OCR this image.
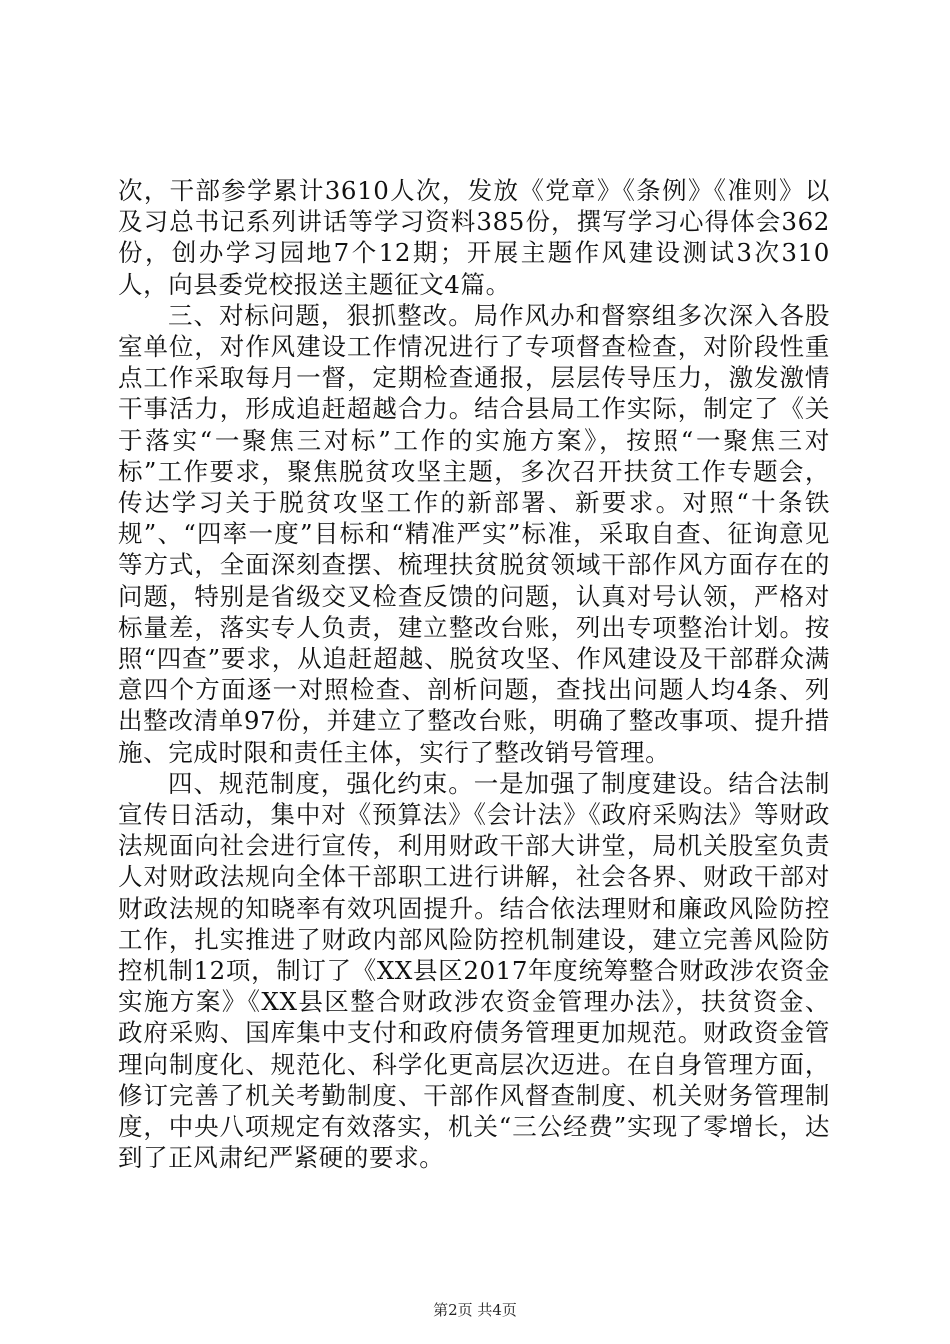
次，干部参学累计3610人次，发放《党章》《条例》《准则》以及习总书记系列讲话等学习资料385份，撰写学习心得体会362份，创办学习园地7个12期；开展主题作风建设测试3次310人，向县委党校报送主题征文4篇。

三、对标问题，狠抓整改。局作风办和督察组多次深入各股室单位，对作风建设工作情况进行了专项督查检查，对阶段性重点工作采取每月一督，定期检查通报，层层传导压力，激发激情干事活力，形成追赶超越合力。结合县局工作实际，制定了《关于落实“一聚焦三对标”工作的实施方案》，按照“一聚焦三对标”工作要求，聚焦脱贫攻坚主题，多次召开扶贫工作专题会，传达学习关于脱贫攻坚工作的新部署、新要求。对照“十条铁规”、“四率一度”目标和“精准严实”标准，采取自查、征询意见等方式，全面深刻查摆、梳理扶贫脱贫领域干部作风方面存在的问题，特别是省级交叉检查反馈的问题，认真对号认领，严格对标量差，落实专人负责，建立整改台账，列出专项整治计划。按照“四查”要求，从追赶超越、脱贫攻坚、作风建设及干部群众满意四个方面逐一对照检查、剖析问题，查找出问题人均4条、列出整改清单97份，并建立了整改台账，明确了整改事项、提升措施、完成时限和责任主体，实行了整改销号管理。

四、规范制度，强化约束。一是加强了制度建设。结合法制宣传日活动，集中对《预算法》《会计法》《政府采购法》等财政法规面向社会进行宣传，利用财政干部大讲堂，局机关股室负责人对财政法规向全体干部职工进行讲解，社会各界、财政干部对财政法规的知晓率有效巩固提升。结合依法理财和廉政风险防控工作，扎实推进了财政内部风险防控机制建设，建立完善风险防控机制12项，制订了《XX县区2017年度统筹整合财政涉农资金实施方案》《XX县区整合财政涉农资金管理办法》，扶贫资金、政府采购、国库集中支付和政府债务管理更加规范。财政资金管理向制度化、规范化、科学化更高层次迈进。在自身管理方面，修订完善了机关考勤制度、干部作风督查制度、机关财务管理制度，中央八项规定有效落实，机关“三公经费”实现了零增长，达到了正风肃纪严紧硬的要求。

第2页 共4页
